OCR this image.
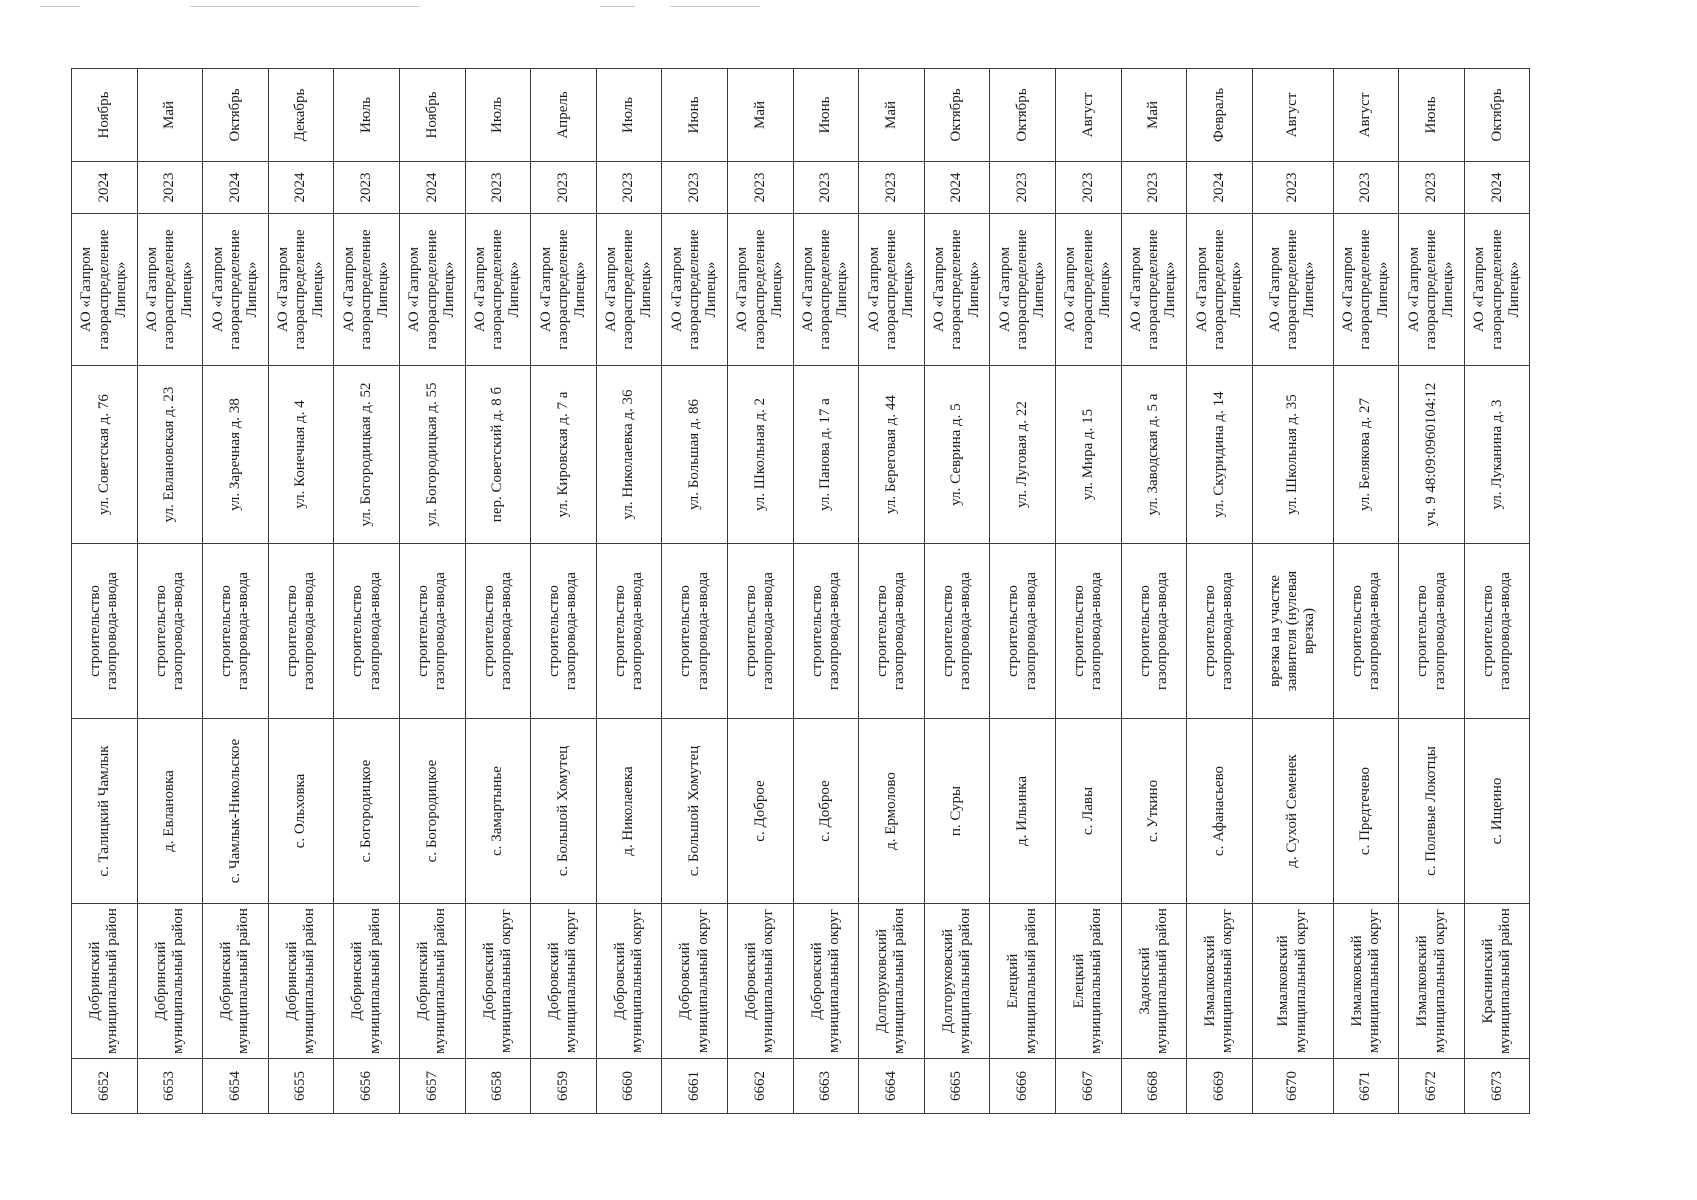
6652	Добринский муниципальный район	с. Талицкий Чамлык	строительство газопровода-ввода	ул. Советская д. 76	АО «Газпром газораспределение Липецк»	2024	Ноябрь
6653	Добринский муниципальный район	д. Евлановка	строительство газопровода-ввода	ул. Евлановская д. 23	АО «Газпром газораспределение Липецк»	2023	Май
6654	Добринский муниципальный район	с. Чамлык-Никольское	строительство газопровода-ввода	ул. Заречная д. 38	АО «Газпром газораспределение Липецк»	2024	Октябрь
6655	Добринский муниципальный район	с. Ольховка	строительство газопровода-ввода	ул. Конечная д. 4	АО «Газпром газораспределение Липецк»	2024	Декабрь
6656	Добринский муниципальный район	с. Богородицкое	строительство газопровода-ввода	ул. Богородицкая д. 52	АО «Газпром газораспределение Липецк»	2023	Июль
6657	Добринский муниципальный район	с. Богородицкое	строительство газопровода-ввода	ул. Богородицкая д. 55	АО «Газпром газораспределение Липецк»	2024	Ноябрь
6658	Добровский муниципальный округ	с. Замартынье	строительство газопровода-ввода	пер. Советский д. 8 б	АО «Газпром газораспределение Липецк»	2023	Июль
6659	Добровский муниципальный округ	с. Большой Хомутец	строительство газопровода-ввода	ул. Кировская д. 7 а	АО «Газпром газораспределение Липецк»	2023	Апрель
6660	Добровский муниципальный округ	д. Николаевка	строительство газопровода-ввода	ул. Николаевка д. 36	АО «Газпром газораспределение Липецк»	2023	Июль
6661	Добровский муниципальный округ	с. Большой Хомутец	строительство газопровода-ввода	ул. Большая д. 86	АО «Газпром газораспределение Липецк»	2023	Июнь
6662	Добровский муниципальный округ	с. Доброе	строительство газопровода-ввода	ул. Школьная д. 2	АО «Газпром газораспределение Липецк»	2023	Май
6663	Добровский муниципальный округ	с. Доброе	строительство газопровода-ввода	ул. Панова д. 17 а	АО «Газпром газораспределение Липецк»	2023	Июнь
6664	Долгоруковский муниципальный район	д. Ермолово	строительство газопровода-ввода	ул. Береговая д. 44	АО «Газпром газораспределение Липецк»	2023	Май
6665	Долгоруковский муниципальный район	п. Суры	строительство газопровода-ввода	ул. Севрина д. 5	АО «Газпром газораспределение Липецк»	2024	Октябрь
6666	Елецкий муниципальный район	д. Ильинка	строительство газопровода-ввода	ул. Луговая д. 22	АО «Газпром газораспределение Липецк»	2023	Октябрь
6667	Елецкий муниципальный район	с. Лавы	строительство газопровода-ввода	ул. Мира д. 15	АО «Газпром газораспределение Липецк»	2023	Август
6668	Задонский муниципальный район	с. Уткино	строительство газопровода-ввода	ул. Заводская д. 5 а	АО «Газпром газораспределение Липецк»	2023	Май
6669	Измалковский муниципальный округ	с. Афанасьево	строительство газопровода-ввода	ул. Скуридина д. 14	АО «Газпром газораспределение Липецк»	2024	Февраль
6670	Измалковский муниципальный округ	д. Сухой Семенек	врезка на участке заявителя (нулевая врезка)	ул. Школьная д. 35	АО «Газпром газораспределение Липецк»	2023	Август
6671	Измалковский муниципальный округ	с. Предтечево	строительство газопровода-ввода	ул. Белякова д. 27	АО «Газпром газораспределение Липецк»	2023	Август
6672	Измалковский муниципальный округ	с. Полевые Локотцы	строительство газопровода-ввода	уч. 9 48:09:0960104:12	АО «Газпром газораспределение Липецк»	2023	Июнь
6673	Краснинский муниципальный район	с. Ищеино	строительство газопровода-ввода	ул. Луканина д. 3	АО «Газпром газораспределение Липецк»	2024	Октябрь
